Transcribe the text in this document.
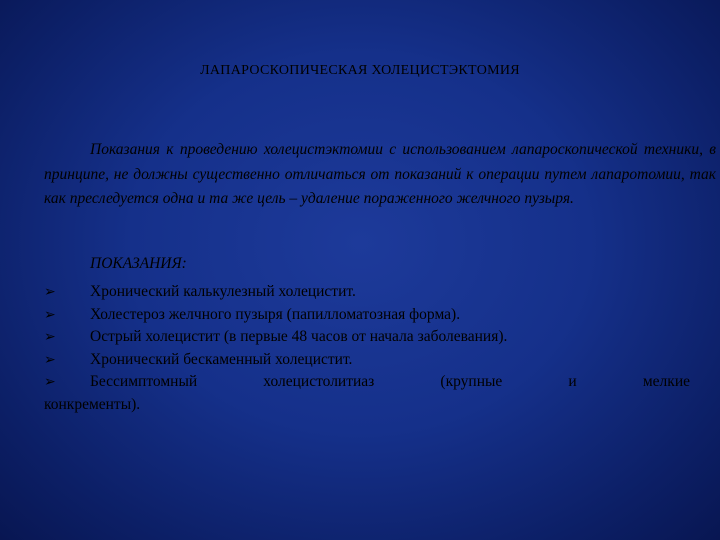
ЛАПАРОСКОПИЧЕСКАЯ ХОЛЕЦИСТЭКТОМИЯ
Показания к проведению холецистэктомии с использованием лапароскопической техники, в принципе, не должны существенно отличаться от показаний к операции путем лапаротомии, так как преследуется одна и та же цель – удаление пораженного желчного пузыря.
ПОКАЗАНИЯ:
➢	Хронический калькулезный холецистит.
➢	Холестероз желчного пузыря (папилломатозная форма).
➢	Острый холецистит (в первые 48 часов от начала заболевания).
➢	Хронический бескаменный холецистит.
➢	Бессимптомный холецистолитиаз (крупные и мелкие
конкременты).
